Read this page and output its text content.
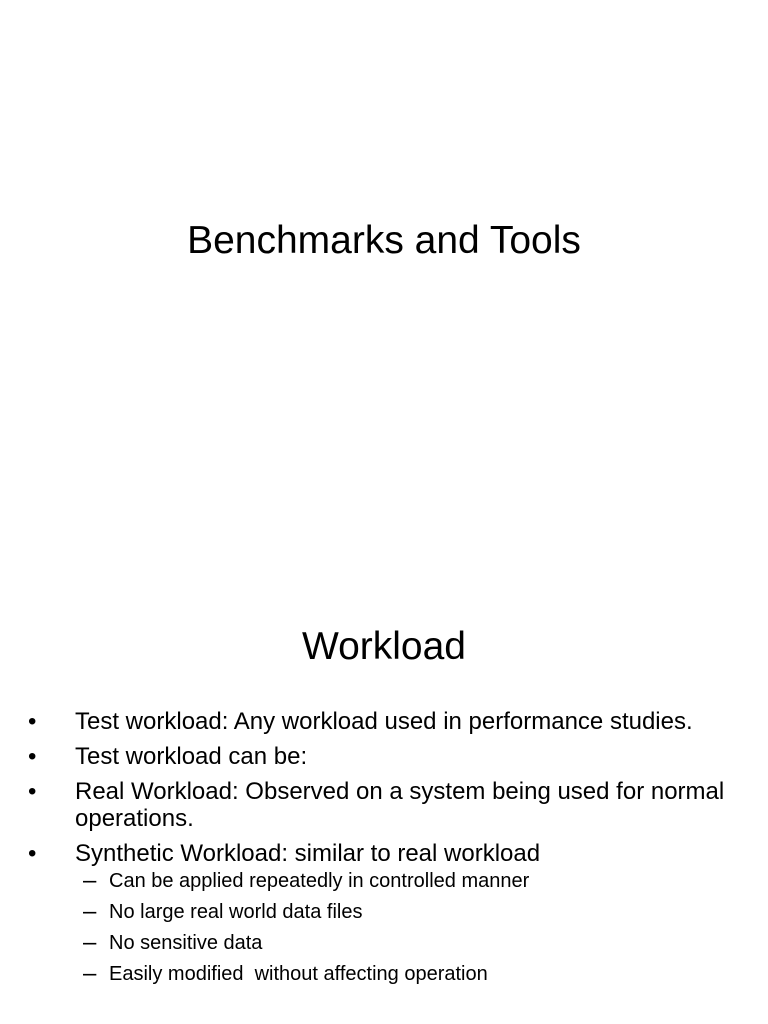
Benchmarks and Tools
Workload
• Test workload: Any workload used in performance studies.
• Test workload can be:
• Real Workload: Observed on a system being used for normal operations.
• Synthetic Workload: similar to real workload
– Can be applied repeatedly in controlled manner
– No large real world data files
– No sensitive data
– Easily modified  without affecting operation
